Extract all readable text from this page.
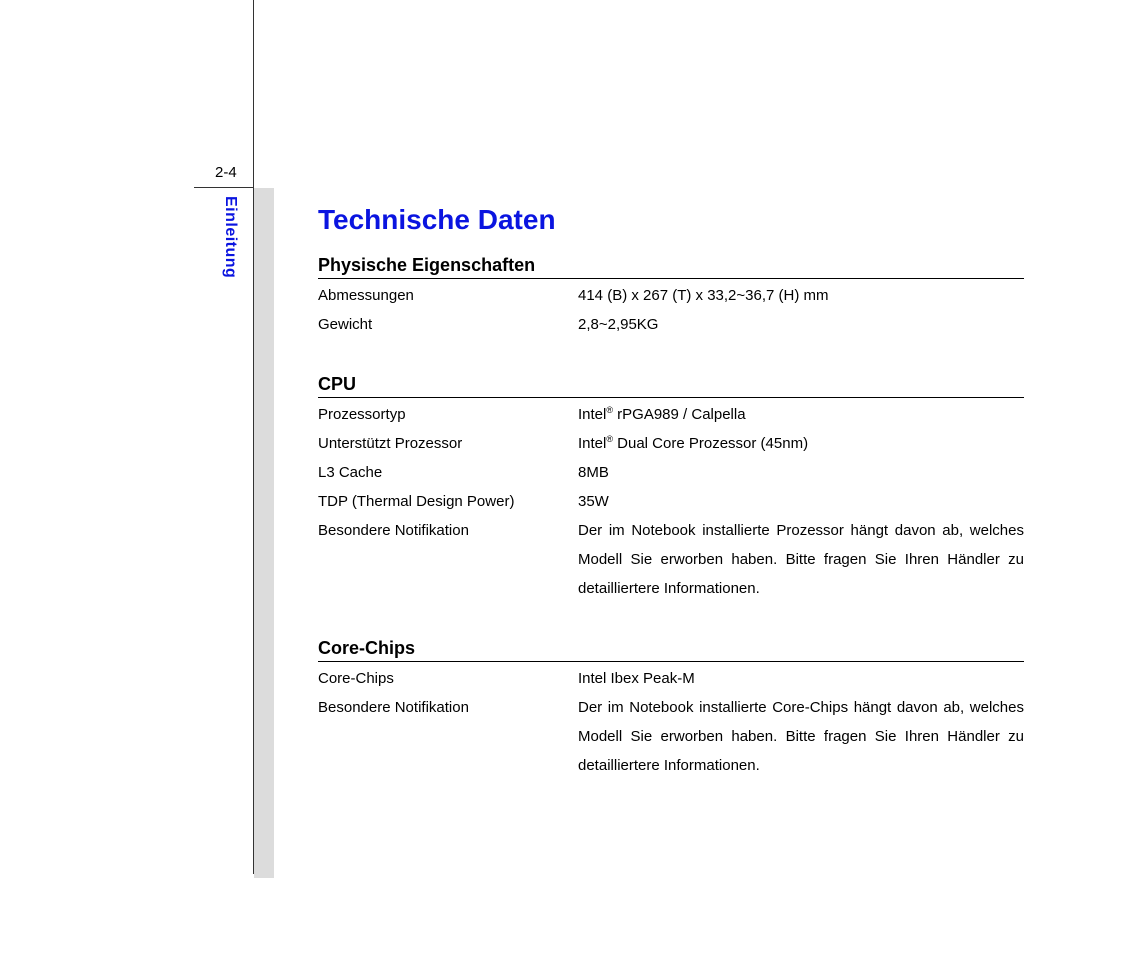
2-4
Einleitung	Technische Daten
Physische Eigenschaften
Abmessungen	414 (B) x 267 (T) x 33,2~36,7 (H) mm
Gewicht	2,8~2,95KG
CPU
Prozessortyp	Intel® rPGA989 / Calpella
Unterstützt Prozessor	Intel® Dual Core Prozessor (45nm)
L3 Cache	8MB
TDP (Thermal Design Power)	35W
Besondere Notifikation	Der im Notebook installierte Prozessor hängt davon ab, welches Modell Sie erworben haben. Bitte fragen Sie Ihren Händler zu detailliertere Informationen.
Core-Chips
Core-Chips	Intel Ibex Peak-M
Besondere Notifikation	Der im Notebook installierte Core-Chips hängt davon ab, welches Modell Sie erworben haben. Bitte fragen Sie Ihren Händler zu detailliertere Informationen.
